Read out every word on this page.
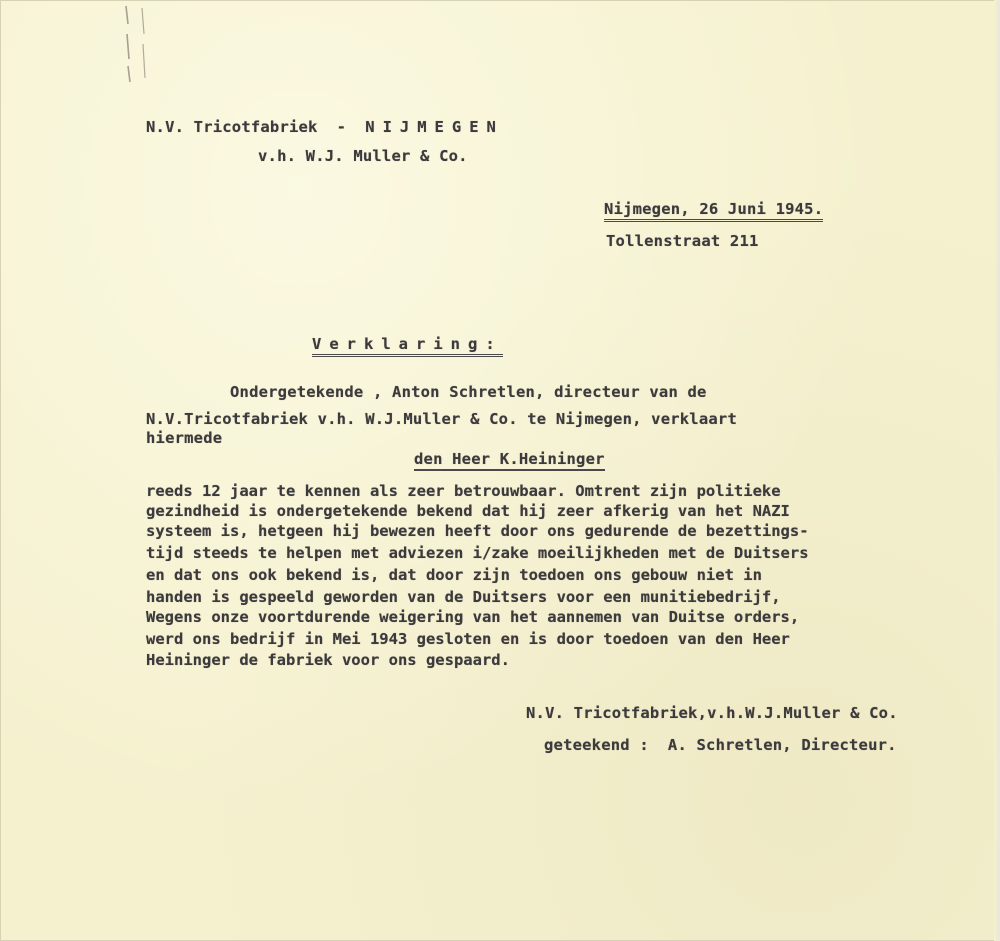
N.V. Tricotfabriek  -  NIJMEGEN
v.h. W.J. Muller & Co.
Nijmegen, 26 Juni 1945.
Tollenstraat 211
Verklaring:
Ondergetekende , Anton Schretlen, directeur van de
N.V.Tricotfabriek v.h. W.J.Muller & Co. te Nijmegen, verklaart
hiermede
den Heer K.Heininger
reeds 12 jaar te kennen als zeer betrouwbaar. Omtrent zijn politieke
gezindheid is ondergetekende bekend dat hij zeer afkerig van het NAZI
systeem is, hetgeen hij bewezen heeft door ons gedurende de bezettings-
tijd steeds te helpen met adviezen i/zake moeilijkheden met de Duitsers
en dat ons ook bekend is, dat door zijn toedoen ons gebouw niet in
handen is gespeeld geworden van de Duitsers voor een munitiebedrijf,
Wegens onze voortdurende weigering van het aannemen van Duitse orders,
werd ons bedrijf in Mei 1943 gesloten en is door toedoen van den Heer
Heininger de fabriek voor ons gespaard.
N.V. Tricotfabriek,v.h.W.J.Muller & Co.
geteekend :  A. Schretlen, Directeur.
